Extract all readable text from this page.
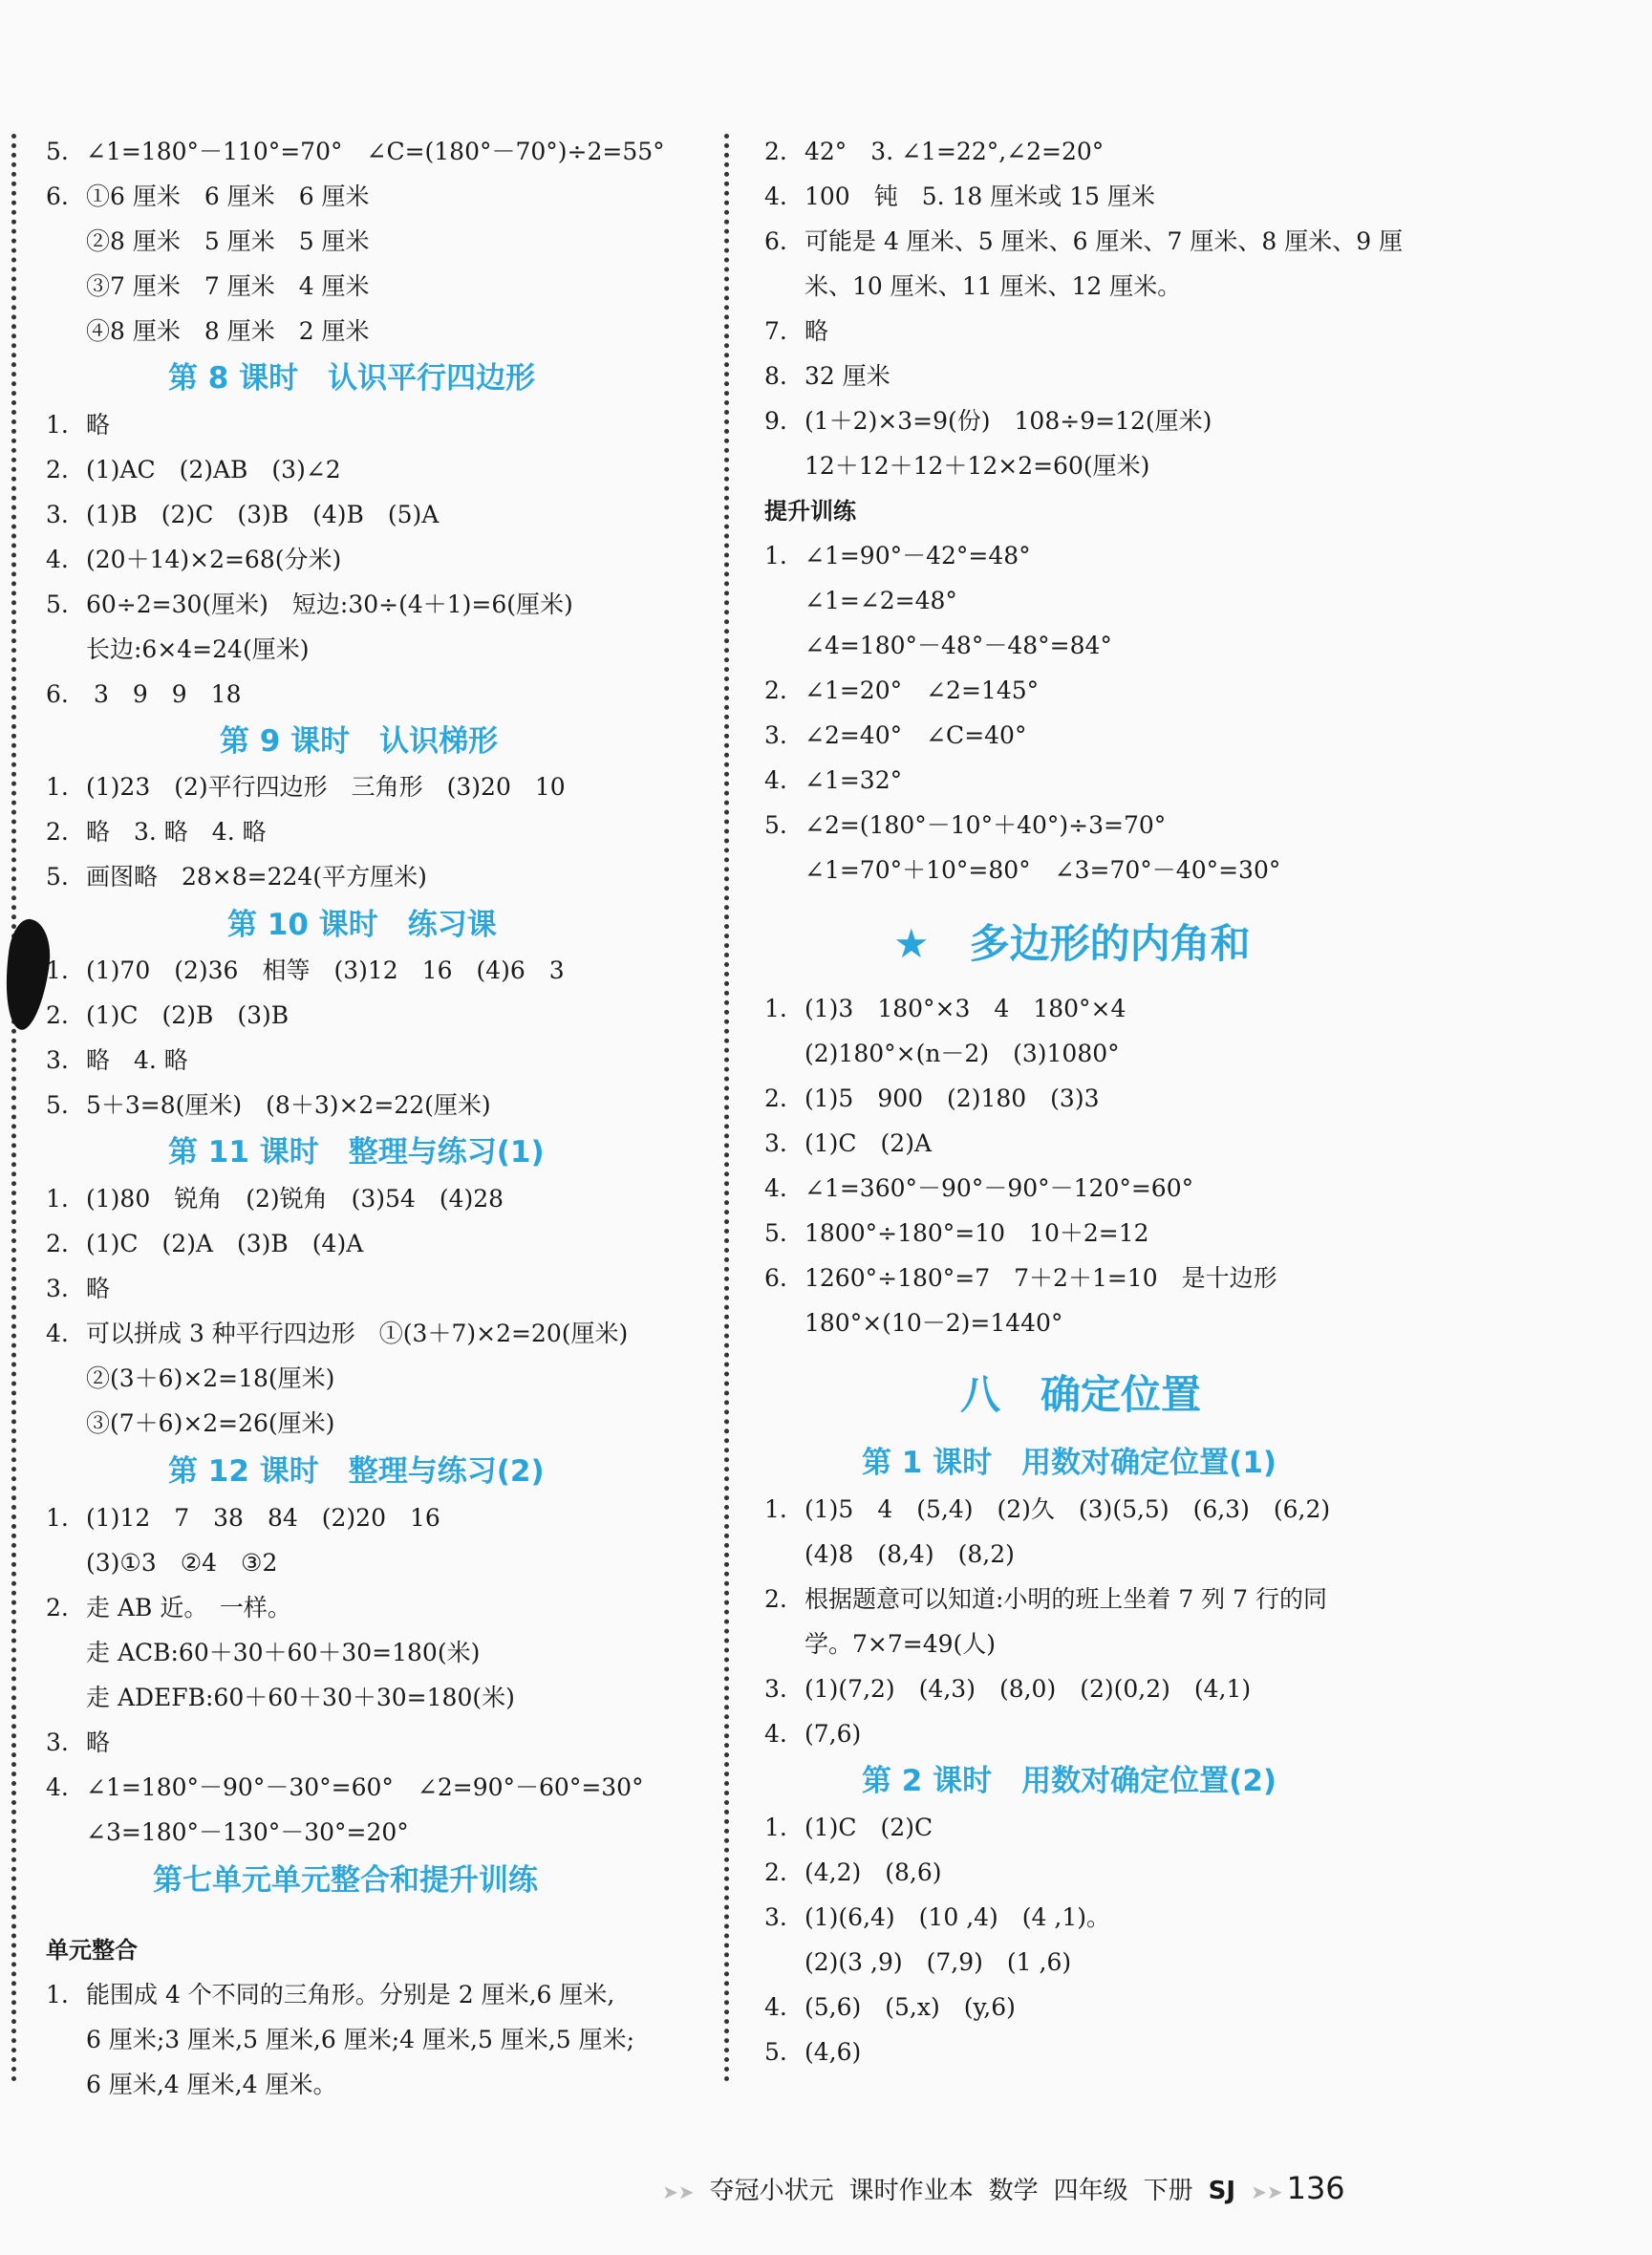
5. ∠1=180°－110°=70°　∠C=(180°－70°)÷2=55°
6. ①6 厘米　6 厘米　6 厘米
②8 厘米　5 厘米　5 厘米
③7 厘米　7 厘米　4 厘米
④8 厘米　8 厘米　2 厘米
1. 略
2. (1)AC　(2)AB　(3)∠2
3. (1)B　(2)C　(3)B　(4)B　(5)A
4. (20＋14)×2=68(分米)
5. 60÷2=30(厘米)　短边:30÷(4＋1)=6(厘米)
长边:6×4=24(厘米)
6. 3　9　9　18
1. (1)23　(2)平行四边形　三角形　(3)20　10
2. 略　3. 略　4. 略
5. 画图略　28×8=224(平方厘米)
1. (1)70　(2)36　相等　(3)12　16　(4)6　3
2. (1)C　(2)B　(3)B
3. 略　4. 略
5. 5＋3=8(厘米)　(8＋3)×2=22(厘米)
1. (1)80　锐角　(2)锐角　(3)54　(4)28
2. (1)C　(2)A　(3)B　(4)A
3. 略
4. 可以拼成 3 种平行四边形　①(3＋7)×2=20(厘米)
②(3＋6)×2=18(厘米)
③(7＋6)×2=26(厘米)
1. (1)12　7　38　84　(2)20　16
(3)①3　②4　③2
2. 走 AB 近。　一样。
走 ACB:60＋30＋60＋30=180(米)
走 ADEFB:60＋60＋30＋30=180(米)
3. 略
4. ∠1=180°－90°－30°=60°　∠2=90°－60°=30°
∠3=180°－130°－30°=20°
1. 能围成 4 个不同的三角形。分别是 2 厘米,6 厘米,
6 厘米;3 厘米,5 厘米,6 厘米;4 厘米,5 厘米,5 厘米;
6 厘米,4 厘米,4 厘米。
第 8 课时　认识平行四边形
第 9 课时　认识梯形
第 10 课时　练习课
第 11 课时　整理与练习(1)
第 12 课时　整理与练习(2)
第七单元单元整合和提升训练
单元整合
2. 42°　3. ∠1=22°,∠2=20°
4. 100　钝　5. 18 厘米或 15 厘米
6. 可能是 4 厘米、5 厘米、6 厘米、7 厘米、8 厘米、9 厘
米、10 厘米、11 厘米、12 厘米。
7. 略
8. 32 厘米
9. (1＋2)×3=9(份)　108÷9=12(厘米)
12＋12＋12＋12×2=60(厘米)
1. ∠1=90°－42°=48°
∠1=∠2=48°
∠4=180°－48°－48°=84°
2. ∠1=20°　∠2=145°
3. ∠2=40°　∠C=40°
4. ∠1=32°
5. ∠2=(180°－10°＋40°)÷3=70°
∠1=70°＋10°=80°　∠3=70°－40°=30°
1. (1)3　180°×3　4　180°×4
(2)180°×(n－2)　(3)1080°
2. (1)5　900　(2)180　(3)3
3. (1)C　(2)A
4. ∠1=360°－90°－90°－120°=60°
5. 1800°÷180°=10　10＋2=12
6. 1260°÷180°=7　7＋2＋1=10　是十边形
180°×(10－2)=1440°
1. (1)5　4　(5,4)　(2)久　(3)(5,5)　(6,3)　(6,2)
(4)8　(8,4)　(8,2)
2. 根据题意可以知道:小明的班上坐着 7 列 7 行的同
学。7×7=49(人)
3. (1)(7,2)　(4,3)　(8,0)　(2)(0,2)　(4,1)
4. (7,6)
1. (1)C　(2)C
2. (4,2)　(8,6)
3. (1)(6,4)　(10 ,4)　(4 ,1)。
(2)(3 ,9)　(7,9)　(1 ,6)
4. (5,6)　(5,x)　(y,6)
5. (4,6)
★　多边形的内角和
八　确定位置
第 1 课时　用数对确定位置(1)
第 2 课时　用数对确定位置(2)
提升训练

➤➤ 夺冠小状元 课时作业本 数学 四年级 下册 SJ ➤➤ 136
